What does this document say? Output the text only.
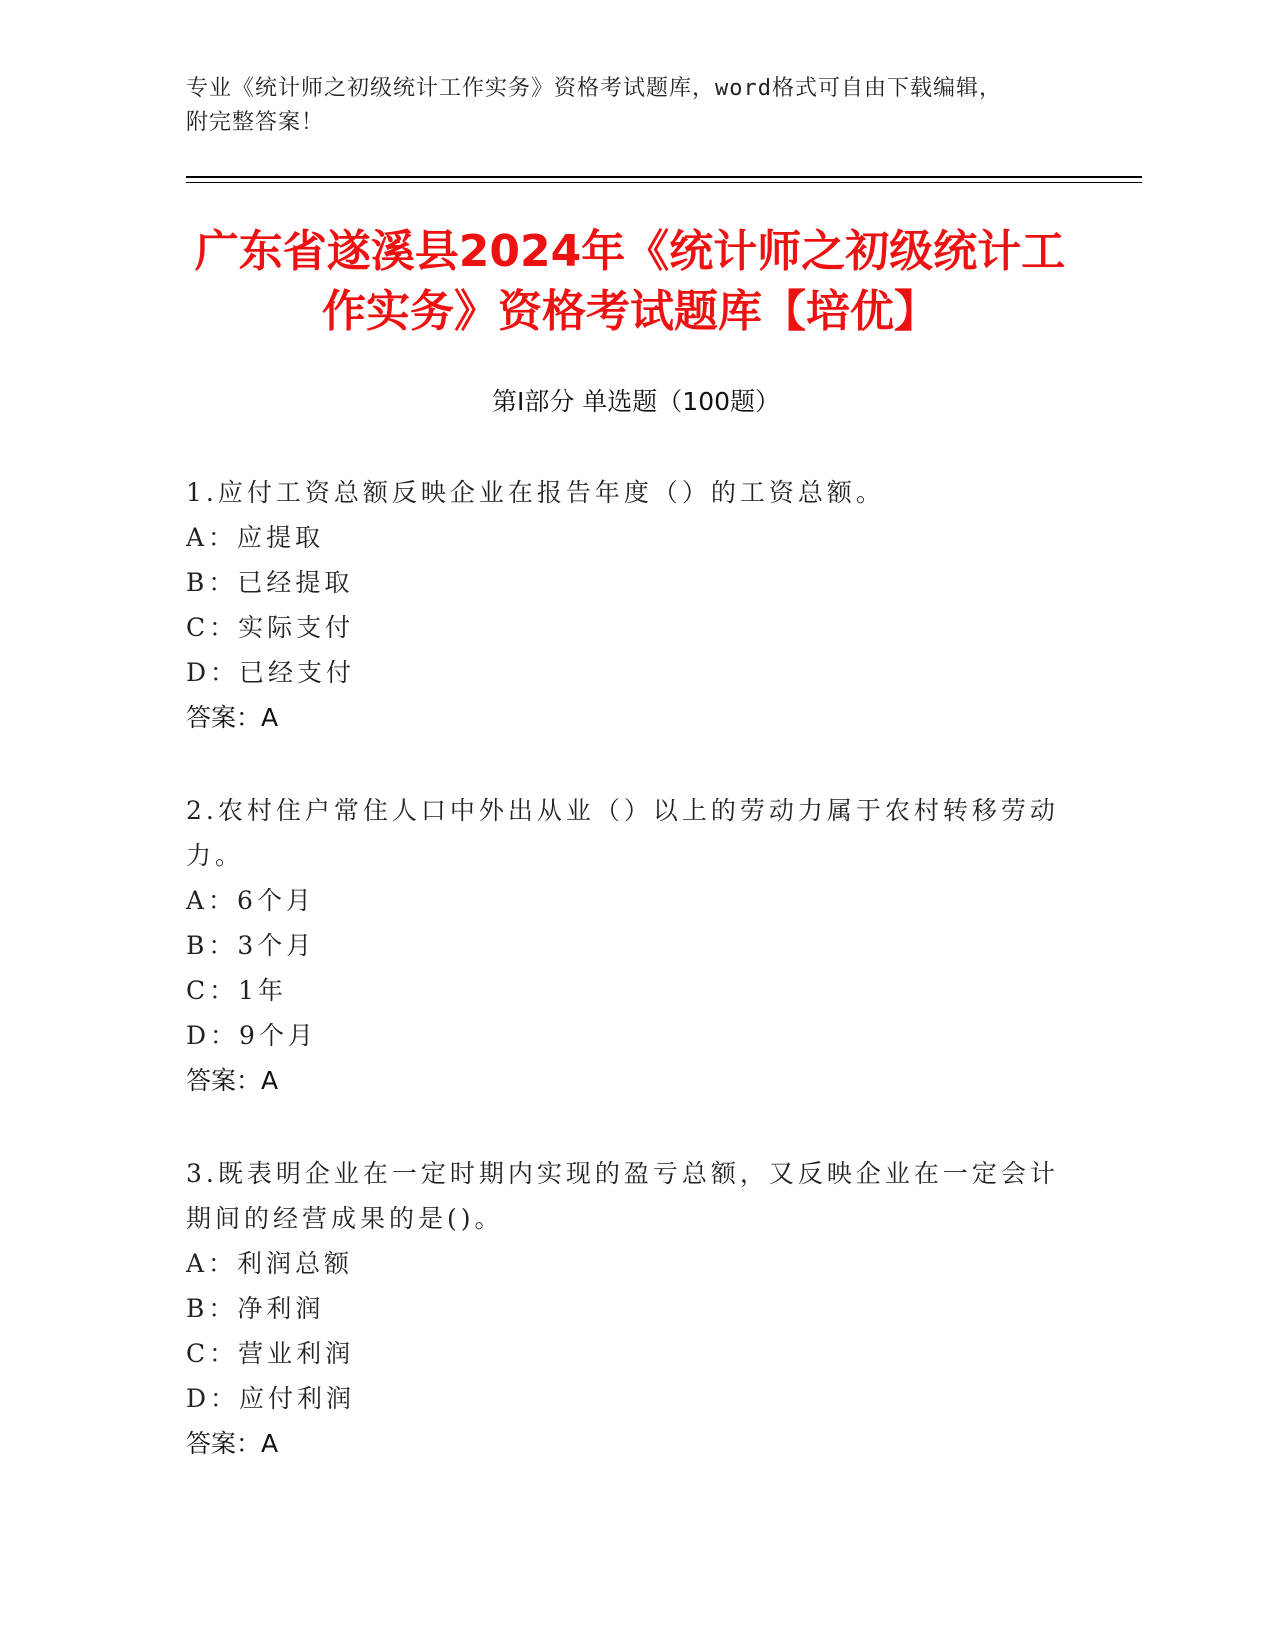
专业《统计师之初级统计工作实务》资格考试题库，word格式可自由下载编辑，
附完整答案！
广东省遂溪县2024年《统计师之初级统计工
作实务》资格考试题库【培优】
第Ⅰ部分 单选题（100题）
1.应付工资总额反映企业在报告年度（）的工资总额。
A：应提取
B：已经提取
C：实际支付
D：已经支付
答案：A
2.农村住户常住人口中外出从业（）以上的劳动力属于农村转移劳动力。
A：6个月
B：3个月
C：1年
D：9个月
答案：A
3.既表明企业在一定时期内实现的盈亏总额，又反映企业在一定会计期间的经营成果的是()。
A：利润总额
B：净利润
C：营业利润
D：应付利润
答案：A
